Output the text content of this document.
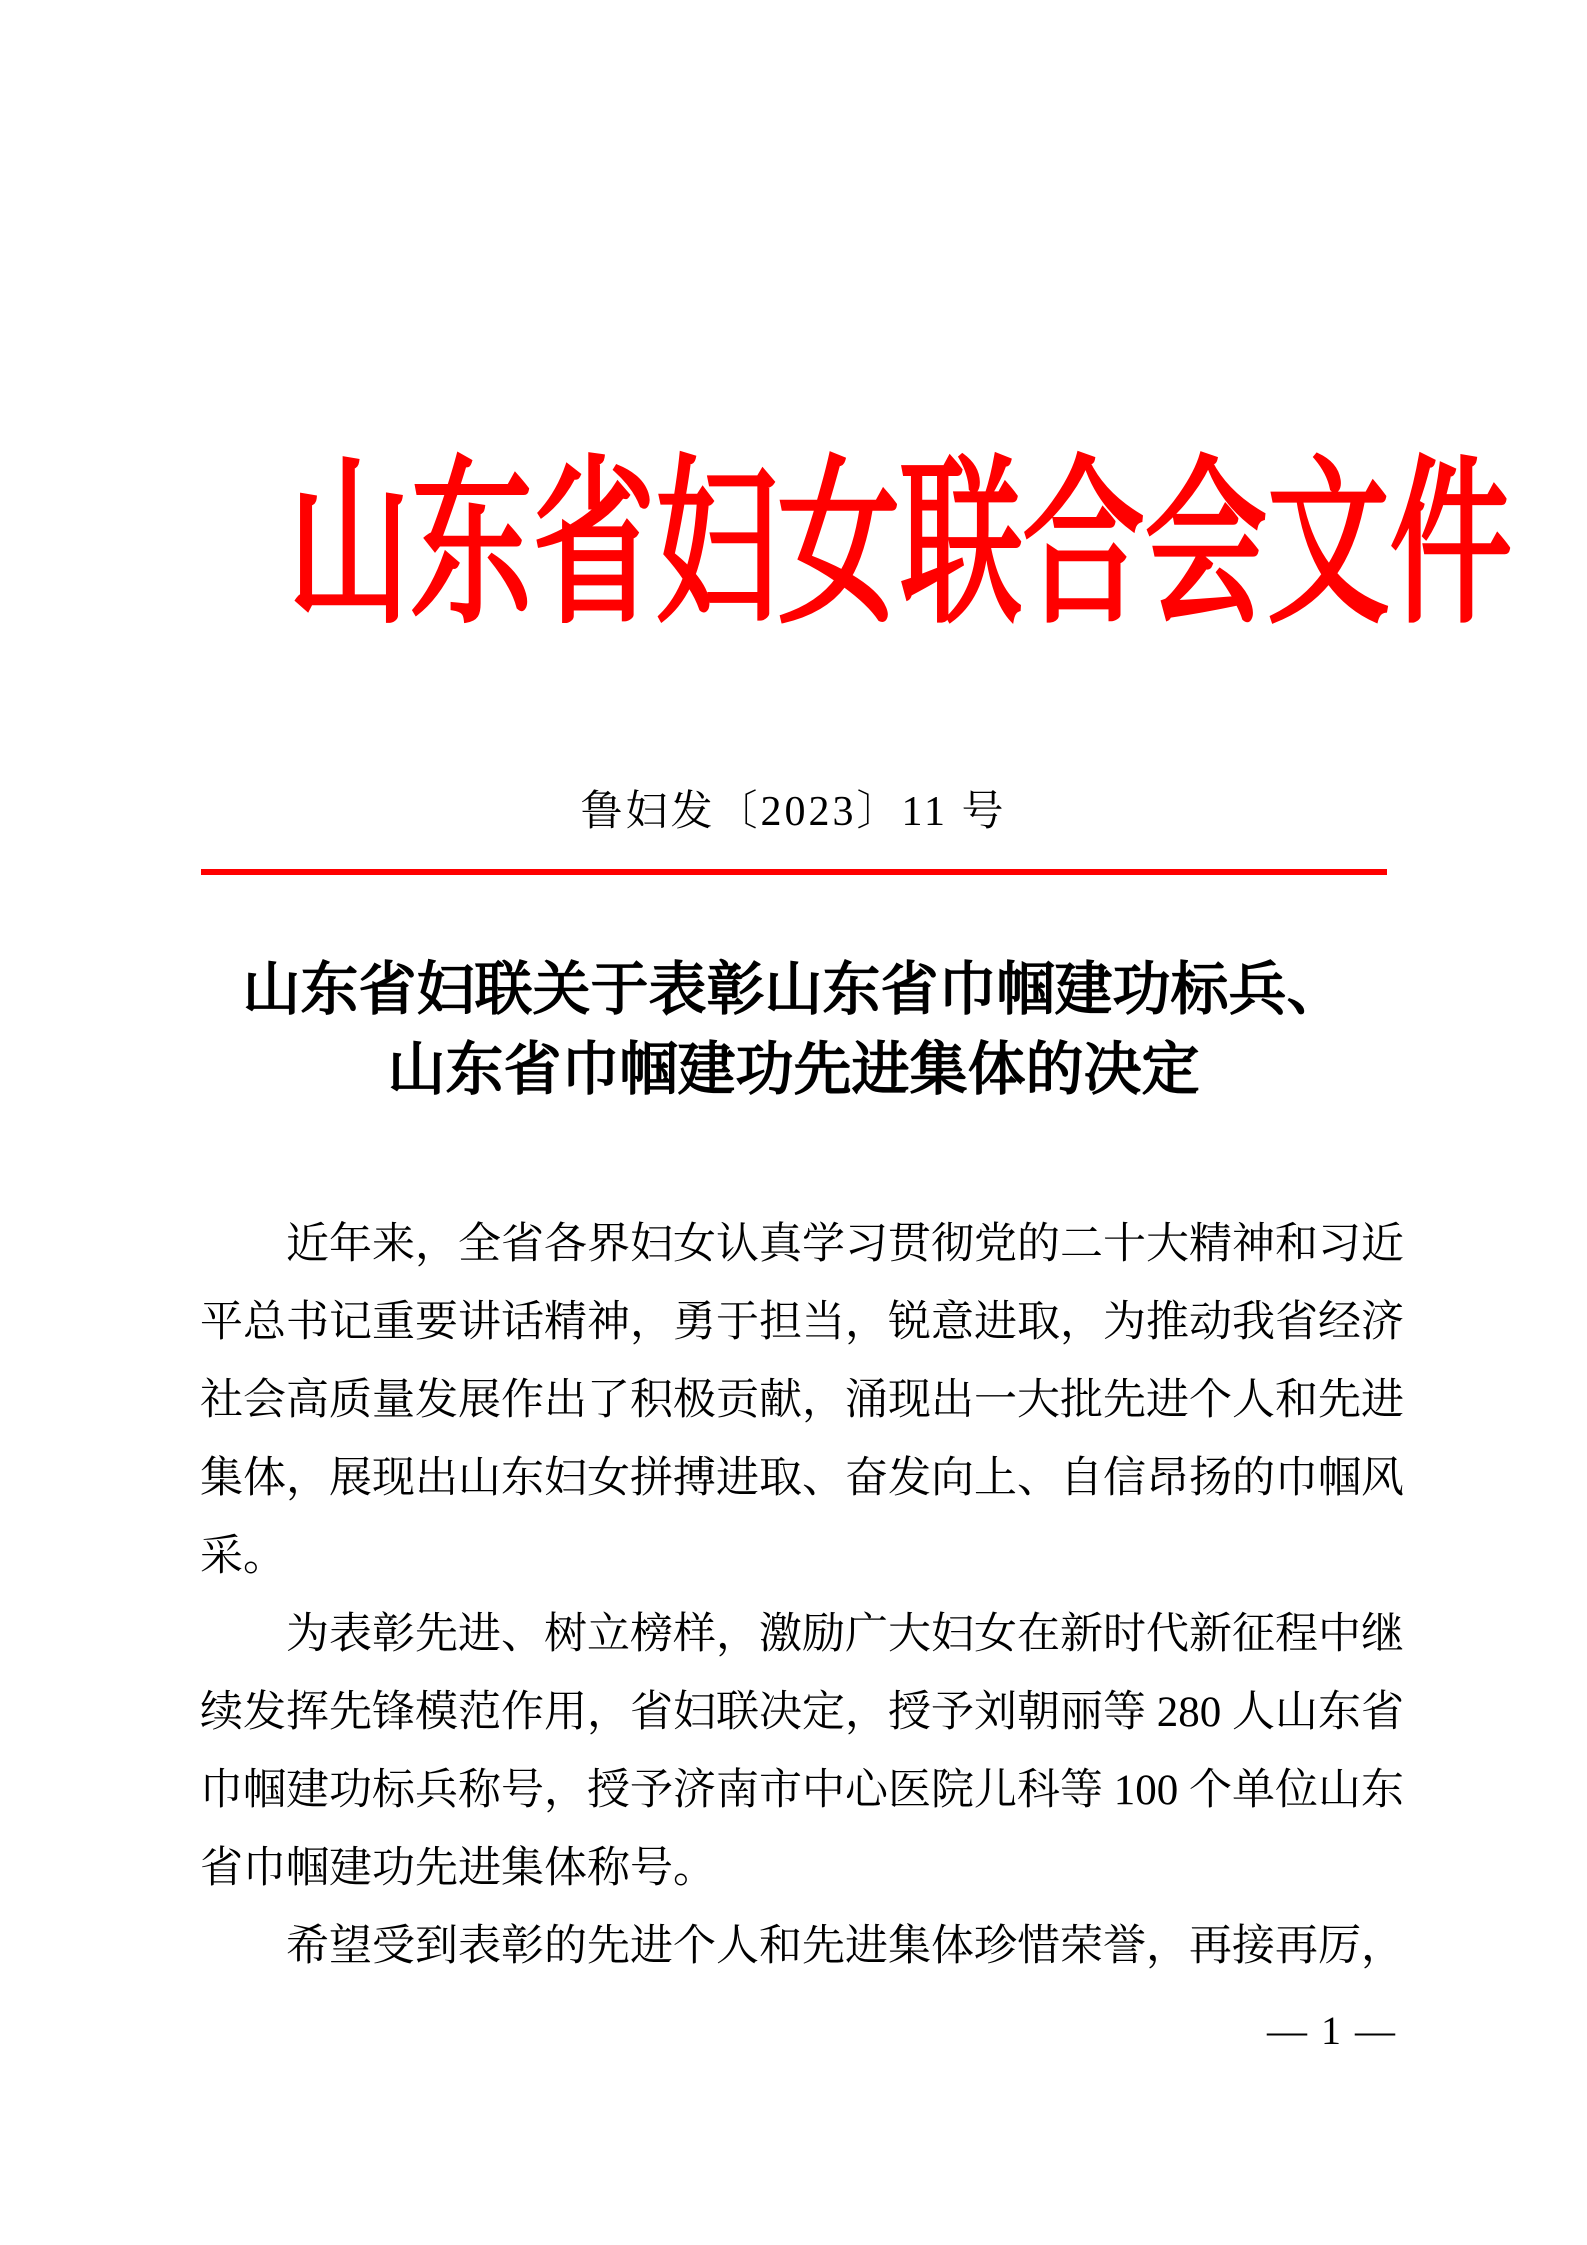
山东省妇女联合会文件
鲁妇发〔2023〕11 号
山东省妇联关于表彰山东省巾帼建功标兵、
山东省巾帼建功先进集体的决定

近年来，全省各界妇女认真学习贯彻党的二十大精神和习近平总书记重要讲话精神，勇于担当，锐意进取，为推动我省经济社会高质量发展作出了积极贡献，涌现出一大批先进个人和先进集体，展现出山东妇女拼搏进取、奋发向上、自信昂扬的巾帼风采。

为表彰先进、树立榜样，激励广大妇女在新时代新征程中继续发挥先锋模范作用，省妇联决定，授予刘朝丽等 280 人山东省巾帼建功标兵称号，授予济南市中心医院儿科等 100 个单位山东省巾帼建功先进集体称号。

希望受到表彰的先进个人和先进集体珍惜荣誉，再接再厉，

— 1 —
